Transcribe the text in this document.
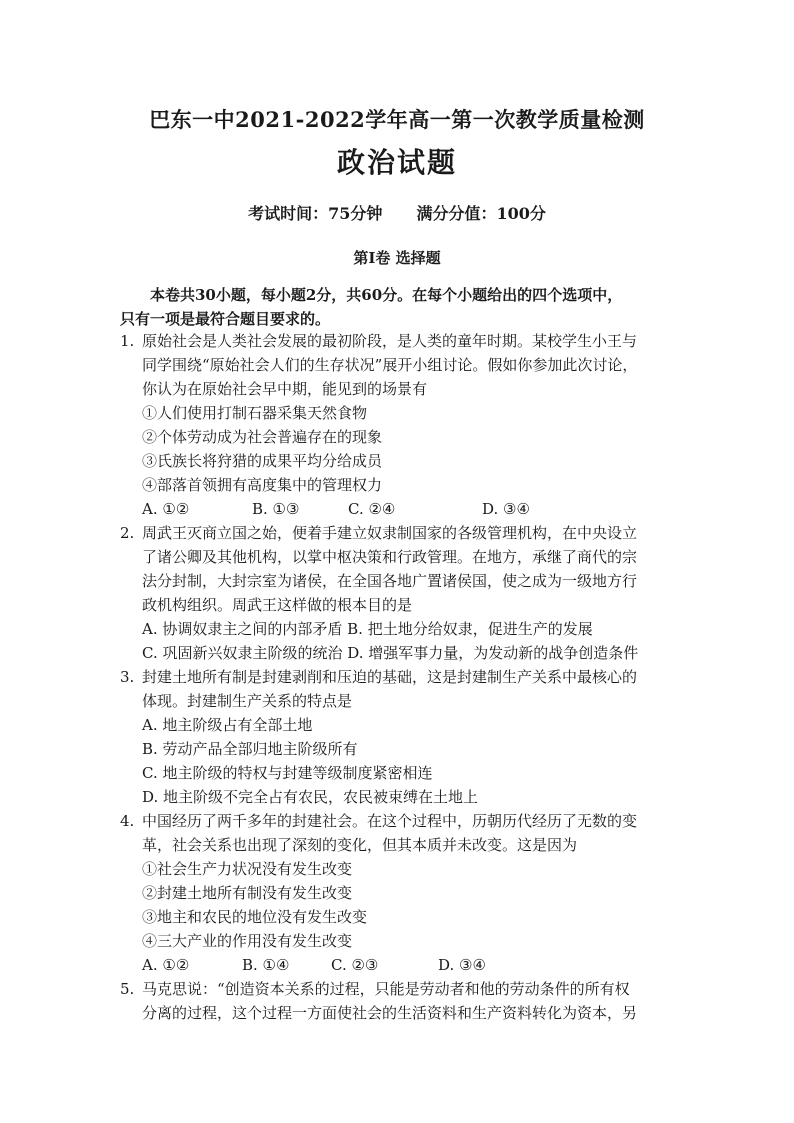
巴东一中2021-2022学年高一第一次教学质量检测
政治试题
考试时间：75分钟 满分分值：100分
第Ⅰ卷 选择题
本卷共30小题，每小题2分，共60分。在每个小题给出的四个选项中，
只有一项是最符合题目要求的。
1. 原始社会是人类社会发展的最初阶段，是人类的童年时期。某校学生小王与
同学围绕“原始社会人们的生存状况”展开小组讨论。假如你参加此次讨论，
你认为在原始社会早中期，能见到的场景有
①人们使用打制石器采集天然食物
②个体劳动成为社会普遍存在的现象
③氏族长将狩猎的成果平均分给成员
④部落首领拥有高度集中的管理权力
A. ①②	B. ①③	C. ②④	D. ③④
2. 周武王灭商立国之始，便着手建立奴隶制国家的各级管理机构，在中央设立
了诸公卿及其他机构，以掌中枢决策和行政管理。在地方，承继了商代的宗
法分封制，大封宗室为诸侯，在全国各地广置诸侯国，使之成为一级地方行
政机构组织。周武王这样做的根本目的是
A. 协调奴隶主之间的内部矛盾 B. 把土地分给奴隶，促进生产的发展
C. 巩固新兴奴隶主阶级的统治 D. 增强军事力量，为发动新的战争创造条件
3. 封建土地所有制是封建剥削和压迫的基础，这是封建制生产关系中最核心的
体现。封建制生产关系的特点是
A. 地主阶级占有全部土地
B. 劳动产品全部归地主阶级所有
C. 地主阶级的特权与封建等级制度紧密相连
D. 地主阶级不完全占有农民，农民被束缚在土地上
4. 中国经历了两千多年的封建社会。在这个过程中，历朝历代经历了无数的变
革，社会关系也出现了深刻的变化，但其本质并未改变。这是因为
①社会生产力状况没有发生改变
②封建土地所有制没有发生改变
③地主和农民的地位没有发生改变
④三大产业的作用没有发生改变
A. ①②	B. ①④	C. ②③	D. ③④
5. 马克思说：“创造资本关系的过程，只能是劳动者和他的劳动条件的所有权
分离的过程，这个过程一方面使社会的生活资料和生产资料转化为资本，另
